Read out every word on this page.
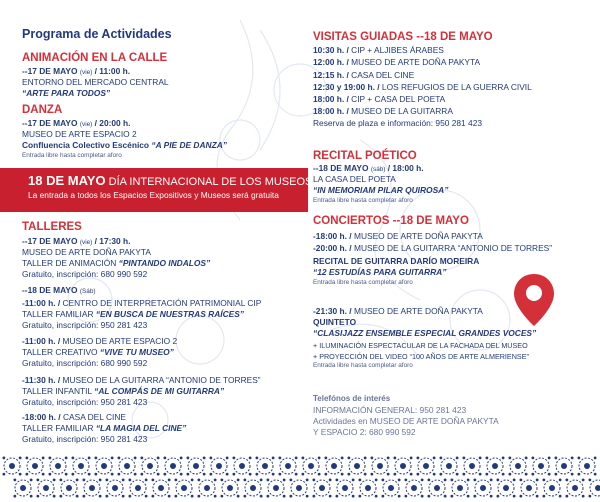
Programa de Actividades
ANIMACIÓN EN LA CALLE
--17 DE MAYO (vie) / 11:00 h.
ENTORNO DEL MERCADO CENTRAL
“ARTE PARA TODOS”
DANZA
--17 DE MAYO (vie) / 20:00 h.
MUSEO DE ARTE ESPACIO 2
Confluencia Colectivo Escénico “A PIE DE DANZA”
Entrada libre hasta completar aforo
TALLERES
--17 DE MAYO (vie) / 17:30 h.
MUSEO DE ARTE DOÑA PAKYTA
TALLER DE ANIMACIÓN “PINTANDO INDALOS”
Gratuito, inscripción: 680 990 592
--18 DE MAYO (Sáb)
-11:00 h. / CENTRO DE INTERPRETACIÓN PATRIMONIAL CIP
TALLER FAMILIAR “EN BUSCA DE NUESTRAS RAÍCES”
Gratuito, inscripción: 950 281 423
-11:00 h. / MUSEO DE ARTE ESPACIO 2
TALLER CREATIVO “VIVE TU MUSEO”
Gratuito, inscripción: 680 990 592
-11:30 h. / MUSEO DE LA GUITARRA “ANTONIO DE TORRES”
TALLER INFANTIL “AL COMPÁS DE MI GUITARRA”
Gratuito, inscripción: 950 281 423
-18:00 h. / CASA DEL CINE
TALLER FAMILIAR “LA MAGIA DEL CINE”
Gratuito, inscripción: 950 281 423
18 DE MAYO DÍA INTERNACIONAL DE LOS MUSEOS
La entrada a todos los Espacios Expositivos y Museos será gratuita
VISITAS GUIADAS --18 DE MAYO
10:30 h. / CIP + ALJIBES ÁRABES
12:00 h. / MUSEO DE ARTE DOÑA PAKYTA
12:15 h. / CASA DEL CINE
12:30 y 19:00 h. / LOS REFUGIOS DE LA GUERRA CIVIL
18:00 h. / CIP + CASA DEL POETA
18:00 h. / MUSEO DE LA GUITARRA
Reserva de plaza e información: 950 281 423
RECITAL POÉTICO
--18 DE MAYO (sáb) / 18:00 h.
LA CASA DEL POETA
“IN MEMORIAM PILAR QUIROSA”
Entrada libre hasta completar aforo
CONCIERTOS --18 DE MAYO
-18:00 h. / MUSEO DE ARTE DOÑA PAKYTA
-20:00 h. / MUSEO DE LA GUITARRA “ANTONIO DE TORRES”
RECITAL DE GUITARRA DARÍO MOREIRA
“12 ESTUDÍAS PARA GUITARRA”
Entrada libre hasta completar aforo
-21:30 h. / MUSEO DE ARTE DOÑA PAKYTA
QUINTETO
“CLASIJAZZ ENSEMBLE ESPECIAL GRANDES VOCES”
+ ILUMINACIÓN ESPECTACULAR DE LA FACHADA DEL MUSEO
+ PROYECCIÓN DEL VIDEO “100 AÑOS DE ARTE ALMERIENSE”
Entrada libre hasta completar aforo
Telefónos de interés
INFORMACIÓN GENERAL: 950 281 423
Actividades en MUSEO DE ARTE DOÑA PAKYTA
Y ESPACIO 2: 680 990 592
